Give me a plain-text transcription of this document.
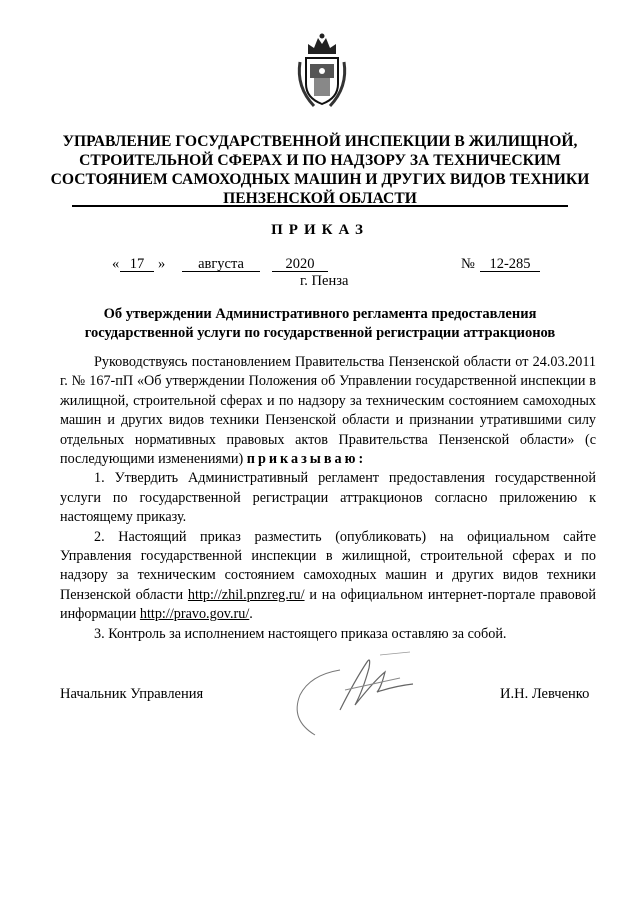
УПРАВЛЕНИЕ ГОСУДАРСТВЕННОЙ ИНСПЕКЦИИ В ЖИЛИЩНОЙ,
СТРОИТЕЛЬНОЙ СФЕРАХ И ПО НАДЗОРУ ЗА ТЕХНИЧЕСКИМ
СОСТОЯНИЕМ САМОХОДНЫХ МАШИН И ДРУГИХ ВИДОВ ТЕХНИКИ
ПЕНЗЕНСКОЙ ОБЛАСТИ
ПРИКАЗ
« 17 »	августа	2020	№	12-285
г. Пенза
Об утверждении Административного регламента предоставления
государственной услуги по государственной регистрации аттракционов

Руководствуясь постановлением Правительства Пензенской области от 24.03.2011 г. № 167-пП «Об утверждении Положения об Управлении государственной инспекции в жилищной, строительной сферах и по надзору за техническим состоянием самоходных машин и других видов техники Пензенской области и признании утратившими силу отдельных нормативных правовых актов Правительства Пензенской области» (с последующими изменениями) приказываю:

1. Утвердить Административный регламент предоставления государственной услуги по государственной регистрации аттракционов согласно приложению к настоящему приказу.

2. Настоящий приказ разместить (опубликовать) на официальном сайте Управления государственной инспекции в жилищной, строительной сферах и по надзору за техническим состоянием самоходных машин и других видов техники Пензенской области http://zhil.pnzreg.ru/ и на официальном интернет-портале правовой информации http://pravo.gov.ru/.

3. Контроль за исполнением настоящего приказа оставляю за собой.

Начальник Управления	И.Н. Левченко
